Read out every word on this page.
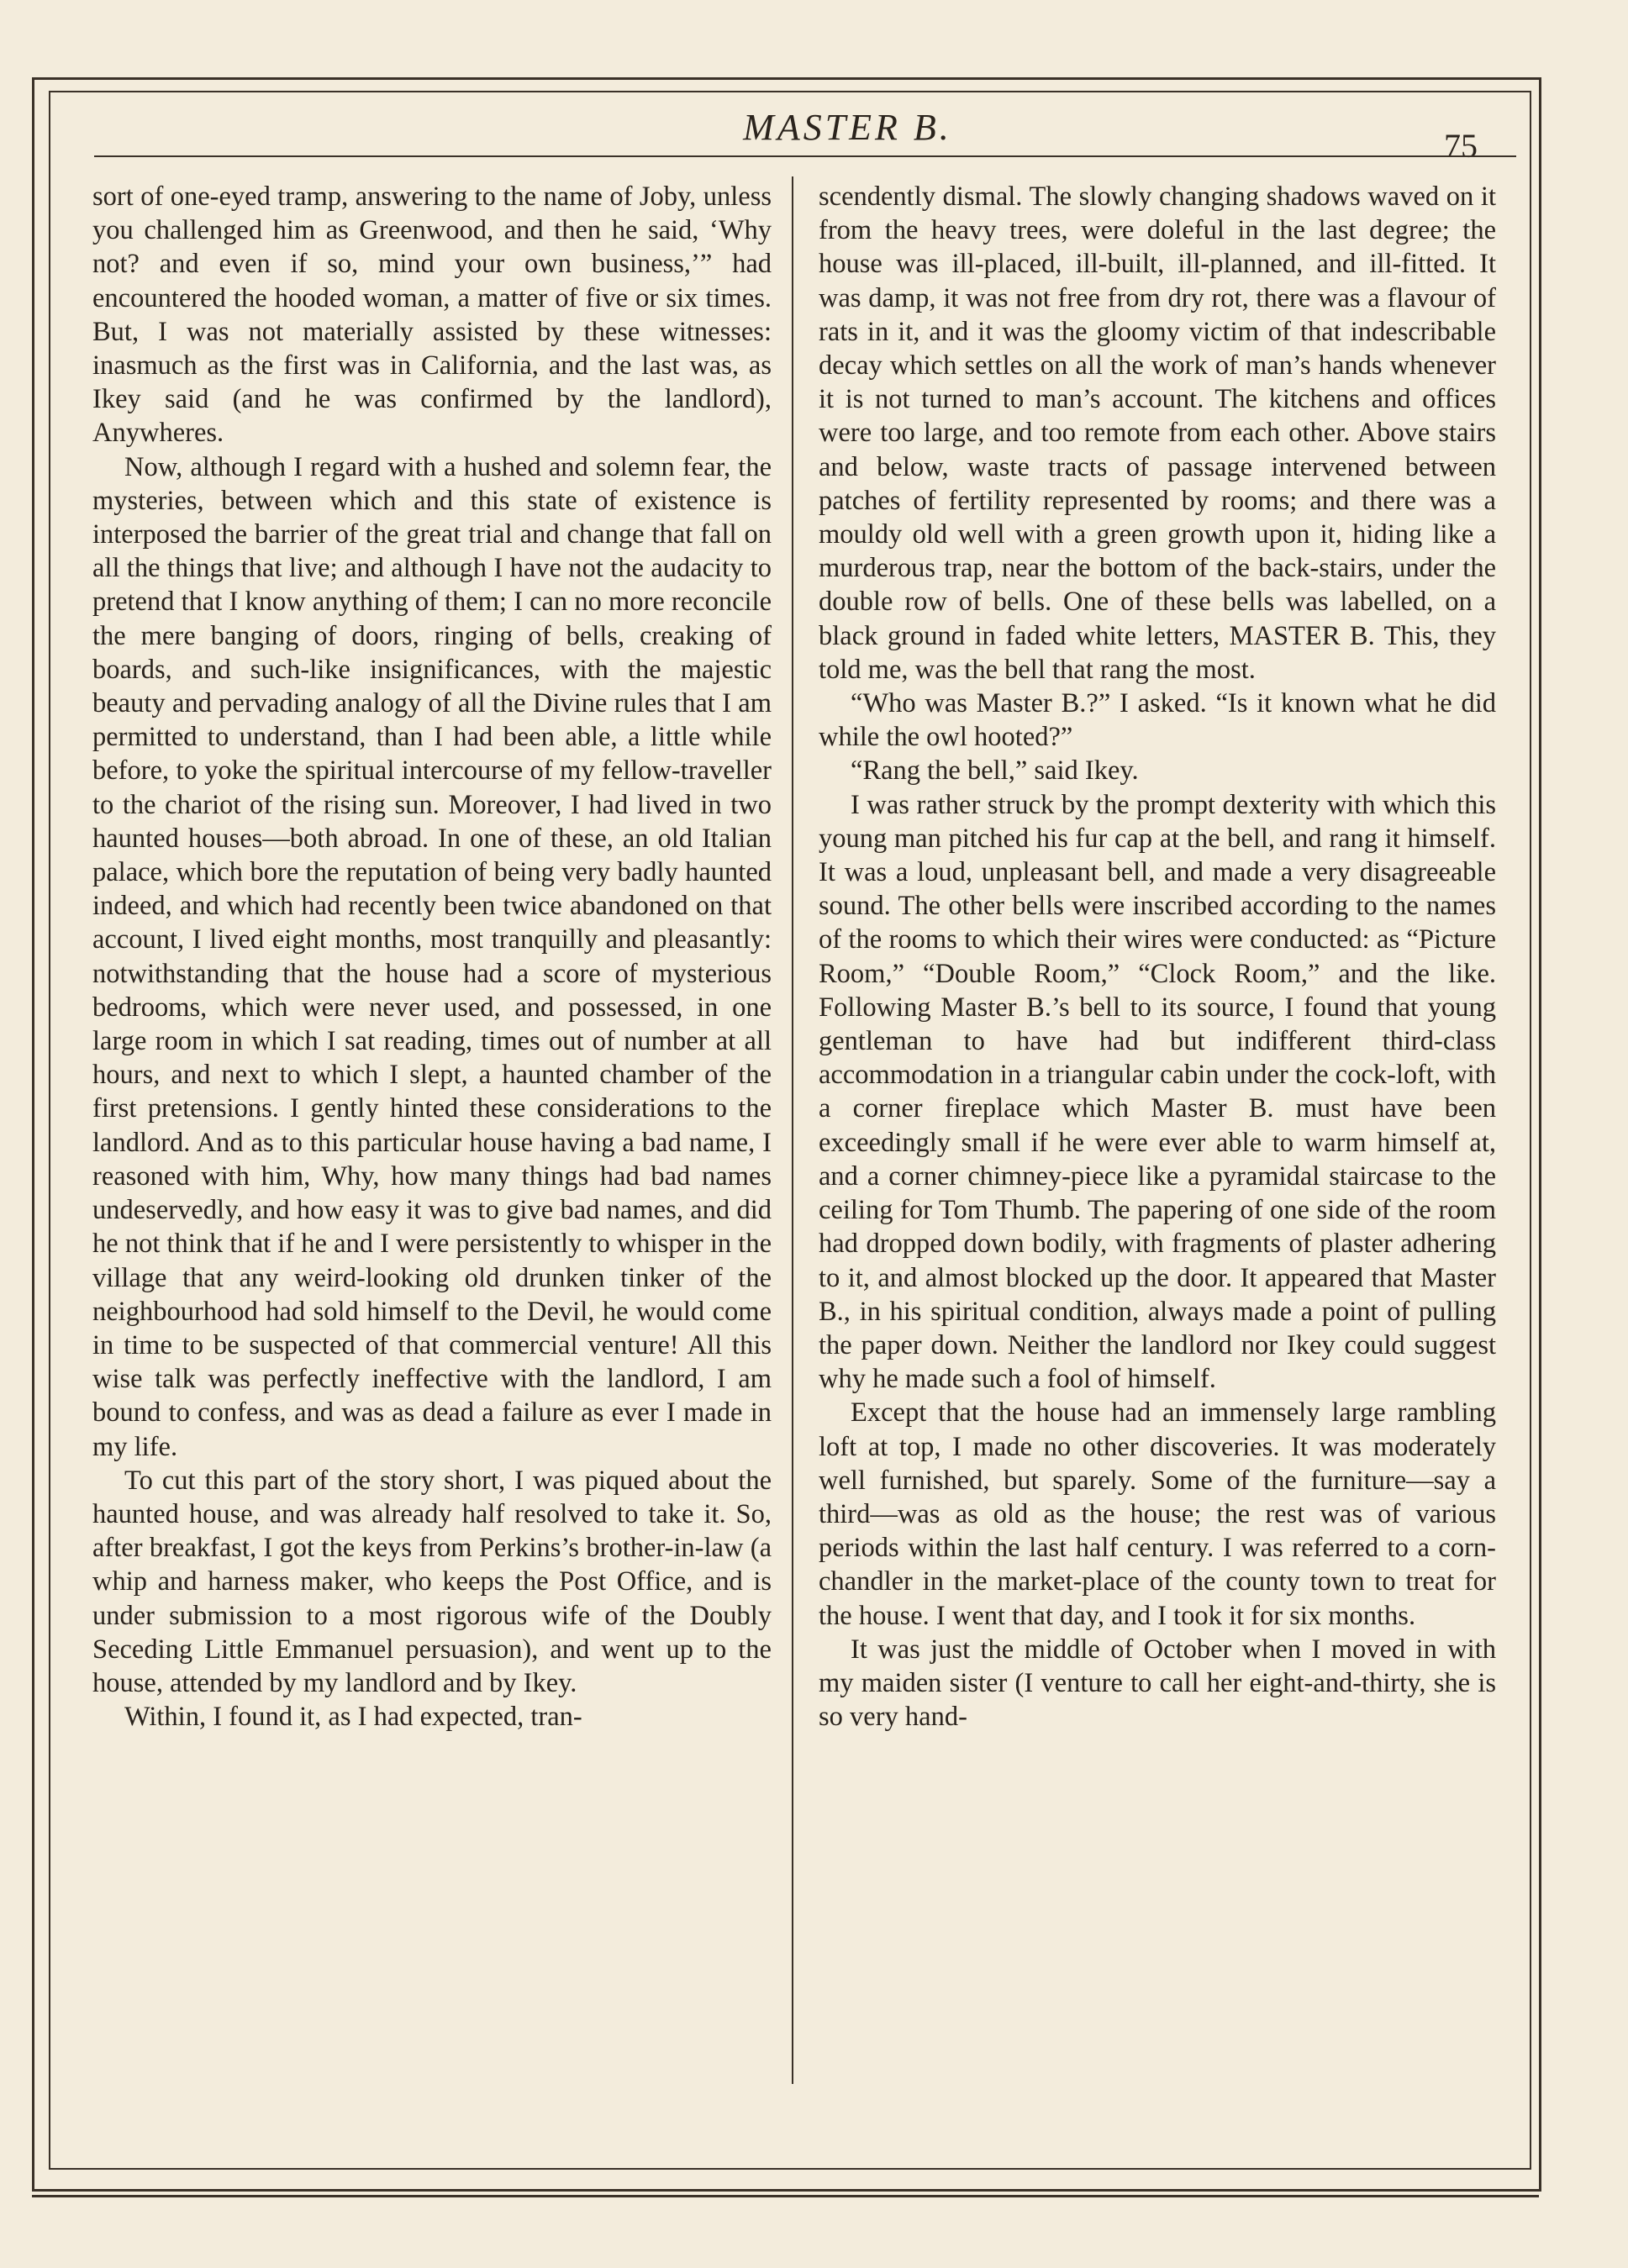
MASTER B.	75

sort of one-eyed tramp, answering to the name of Joby, unless you challenged him as Greenwood, and then he said, ‘Why not? and even if so, mind your own business,’” had encountered the hooded woman, a matter of five or six times. But, I was not materially assisted by these witnesses: inasmuch as the first was in California, and the last was, as Ikey said (and he was confirmed by the landlord), Anywheres.

Now, although I regard with a hushed and solemn fear, the mysteries, between which and this state of existence is interposed the barrier of the great trial and change that fall on all the things that live; and although I have not the audacity to pretend that I know anything of them; I can no more reconcile the mere banging of doors, ringing of bells, creaking of boards, and such-like insignificances, with the majestic beauty and pervading analogy of all the Divine rules that I am permitted to understand, than I had been able, a little while before, to yoke the spiritual intercourse of my fellow-traveller to the chariot of the rising sun. Moreover, I had lived in two haunted houses—both abroad. In one of these, an old Italian palace, which bore the reputation of being very badly haunted indeed, and which had recently been twice abandoned on that account, I lived eight months, most tranquilly and pleasantly: notwithstanding that the house had a score of mysterious bedrooms, which were never used, and possessed, in one large room in which I sat reading, times out of number at all hours, and next to which I slept, a haunted chamber of the first pretensions. I gently hinted these considerations to the landlord. And as to this particular house having a bad name, I reasoned with him, Why, how many things had bad names undeservedly, and how easy it was to give bad names, and did he not think that if he and I were persistently to whisper in the village that any weird-looking old drunken tinker of the neighbourhood had sold himself to the Devil, he would come in time to be suspected of that commercial venture! All this wise talk was perfectly ineffective with the landlord, I am bound to confess, and was as dead a failure as ever I made in my life.

To cut this part of the story short, I was piqued about the haunted house, and was already half resolved to take it. So, after breakfast, I got the keys from Perkins’s brother-in-law (a whip and harness maker, who keeps the Post Office, and is under submission to a most rigorous wife of the Doubly Seceding Little Emmanuel persuasion), and went up to the house, attended by my landlord and by Ikey.

Within, I found it, as I had expected, tran-

scendently dismal. The slowly changing shadows waved on it from the heavy trees, were doleful in the last degree; the house was ill-placed, ill-built, ill-planned, and ill-fitted. It was damp, it was not free from dry rot, there was a flavour of rats in it, and it was the gloomy victim of that indescribable decay which settles on all the work of man’s hands whenever it is not turned to man’s account. The kitchens and offices were too large, and too remote from each other. Above stairs and below, waste tracts of passage intervened between patches of fertility represented by rooms; and there was a mouldy old well with a green growth upon it, hiding like a murderous trap, near the bottom of the back-stairs, under the double row of bells. One of these bells was labelled, on a black ground in faded white letters, MASTER B. This, they told me, was the bell that rang the most.

“Who was Master B.?” I asked. “Is it known what he did while the owl hooted?”

“Rang the bell,” said Ikey.

I was rather struck by the prompt dexterity with which this young man pitched his fur cap at the bell, and rang it himself. It was a loud, unpleasant bell, and made a very disagreeable sound. The other bells were inscribed according to the names of the rooms to which their wires were conducted: as “Picture Room,” “Double Room,” “Clock Room,” and the like. Following Master B.’s bell to its source, I found that young gentleman to have had but indifferent third-class accommodation in a triangular cabin under the cock-loft, with a corner fireplace which Master B. must have been exceedingly small if he were ever able to warm himself at, and a corner chimney-piece like a pyramidal staircase to the ceiling for Tom Thumb. The papering of one side of the room had dropped down bodily, with fragments of plaster adhering to it, and almost blocked up the door. It appeared that Master B., in his spiritual condition, always made a point of pulling the paper down. Neither the landlord nor Ikey could suggest why he made such a fool of himself.

Except that the house had an immensely large rambling loft at top, I made no other discoveries. It was moderately well furnished, but sparely. Some of the furniture—say a third—was as old as the house; the rest was of various periods within the last half century. I was referred to a corn-chandler in the market-place of the county town to treat for the house. I went that day, and I took it for six months.

It was just the middle of October when I moved in with my maiden sister (I venture to call her eight-and-thirty, she is so very hand-
